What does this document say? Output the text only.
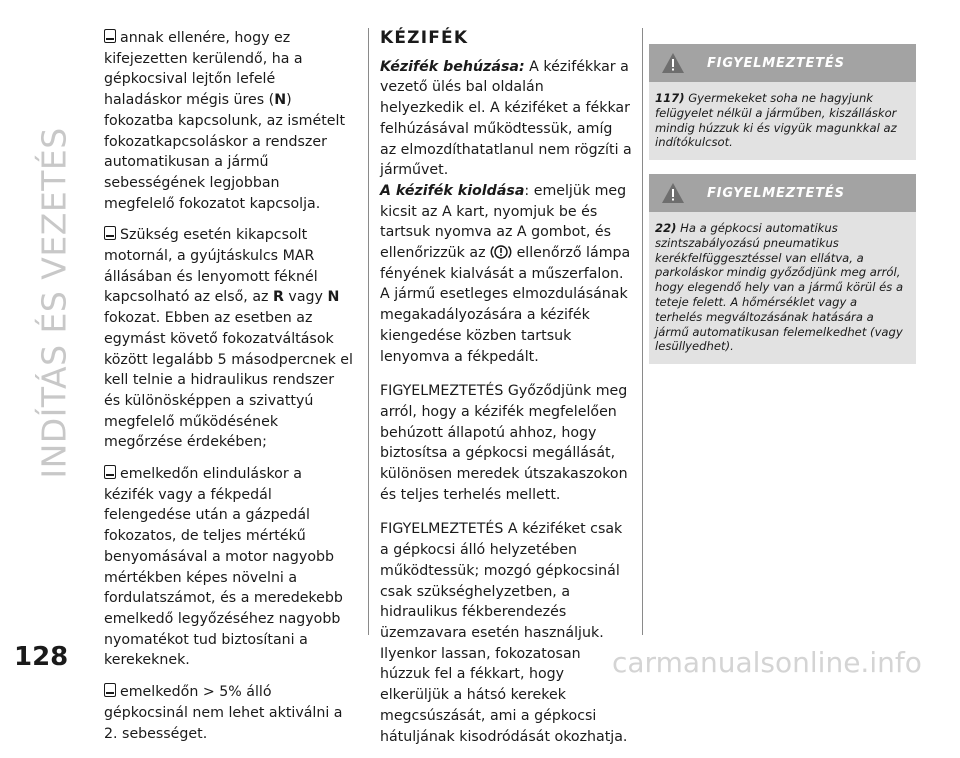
INDÍTÁS ÉS VEZETÉS
128

annak ellenére, hogy ez kifejezetten kerülendő, ha a gépkocsival lejtőn lefelé haladáskor mégis üres (N) fokozatba kapcsolunk, az ismételt fokozatkapcsoláskor a rendszer automatikusan a jármű sebességének legjobban megfelelő fokozatot kapcsolja.

Szükség esetén kikapcsolt motornál, a gyújtáskulcs MAR állásában és lenyomott féknél kapcsolható az első, az R vagy N fokozat. Ebben az esetben az egymást követő fokozatváltások között legalább 5 másodpercnek el kell telnie a hidraulikus rendszer és különösképpen a szivattyú megfelelő működésének megőrzése érdekében;

emelkedőn elinduláskor a kézifék vagy a fékpedál felengedése után a gázpedál fokozatos, de teljes mértékű benyomásával a motor nagyobb mértékben képes növelni a fordulatszámot, és a meredekebb emelkedő legyőzéséhez nagyobb nyomatékot tud biztosítani a kerekeknek.

emelkedőn > 5% álló gépkocsinál nem lehet aktiválni a 2. sebességet.

KÉZIFÉK
Kézifék behúzása: A kézifékkar a vezető ülés bal oldalán helyezkedik el. A kéziféket a fékkar felhúzásával működtessük, amíg az elmozdíthatatlanul nem rögzíti a járművet.
A kézifék kioldása: emeljük meg kicsit az A kart, nyomjuk be és tartsuk nyomva az A gombot, és ellenőrizzük az  ellenőrző lámpa fényének kialvását a műszerfalon.

A jármű esetleges elmozdulásának megakadályozására a kézifék kiengedése közben tartsuk lenyomva a fékpedált.

FIGYELMEZTETÉS Győződjünk meg arról, hogy a kézifék megfelelően behúzott állapotú ahhoz, hogy biztosítsa a gépkocsi megállását, különösen meredek útszakaszokon és teljes terhelés mellett.

FIGYELMEZTETÉS A kéziféket csak a gépkocsi álló helyzetében működtessük; mozgó gépkocsinál csak szükséghelyzetben, a hidraulikus fékberendezés üzemzavara esetén használjuk. Ilyenkor lassan, fokozatosan húzzuk fel a fékkart, hogy elkerüljük a hátsó kerekek megcsúszását, ami a gépkocsi hátuljának kisodródását okozhatja.

FIGYELMEZTETÉS
117) Gyermekeket soha ne hagyjunk felügyelet nélkül a járműben, kiszálláskor mindig húzzuk ki és vigyük magunkkal az indítókulcsot.
FIGYELMEZTETÉS
22) Ha a gépkocsi automatikus szintszabályozású pneumatikus kerékfelfüggesztéssel van ellátva, a parkoláskor mindig győződjünk meg arról, hogy elegendő hely van a jármű körül és a teteje felett. A hőmérséklet vagy a terhelés megváltozásának hatására a jármű automatikusan felemelkedhet (vagy lesüllyedhet).
carmanualsonline.info
